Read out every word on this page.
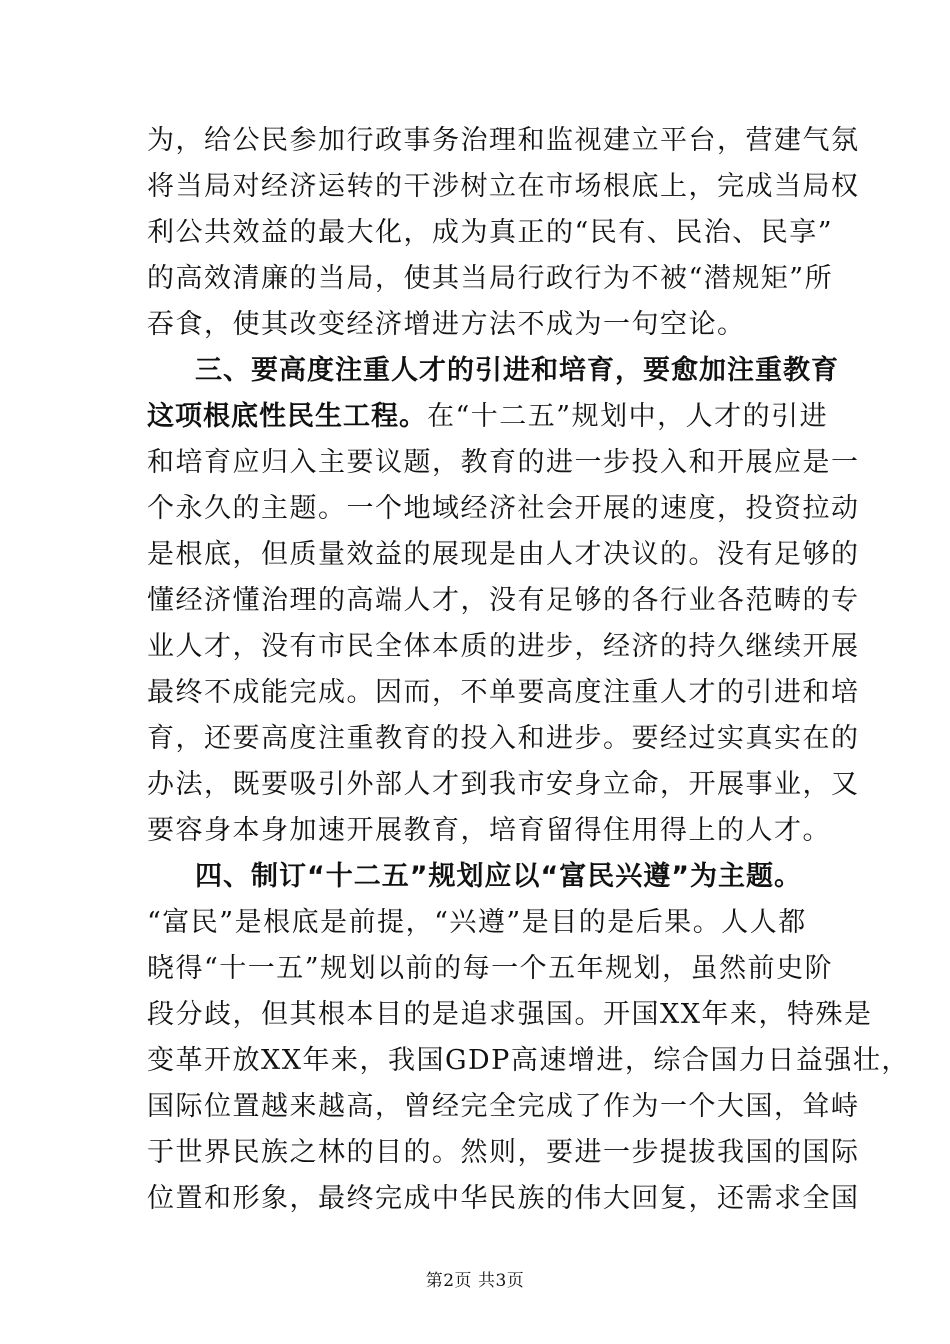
为，给公民参加行政事务治理和监视建立平台，营建气氛
将当局对经济运转的干涉树立在市场根底上，完成当局权
利公共效益的最大化，成为真正的“民有、民治、民享”
的高效清廉的当局，使其当局行政行为不被“潜规矩”所
吞食，使其改变经济增进方法不成为一句空论。
三、要高度注重人才的引进和培育，要愈加注重教育
这项根底性民生工程。在“十二五”规划中，人才的引进
和培育应归入主要议题，教育的进一步投入和开展应是一
个永久的主题。一个地域经济社会开展的速度，投资拉动
是根底，但质量效益的展现是由人才决议的。没有足够的
懂经济懂治理的高端人才，没有足够的各行业各范畴的专
业人才，没有市民全体本质的进步，经济的持久继续开展
最终不成能完成。因而，不单要高度注重人才的引进和培
育，还要高度注重教育的投入和进步。要经过实真实在的
办法，既要吸引外部人才到我市安身立命，开展事业，又
要容身本身加速开展教育，培育留得住用得上的人才。
四、制订“十二五”规划应以“富民兴遵”为主题。
“富民”是根底是前提，“兴遵”是目的是后果。人人都
晓得“十一五”规划以前的每一个五年规划，虽然前史阶
段分歧，但其根本目的是追求强国。开国XX年来，特殊是
变革开放XX年来，我国GDP高速增进，综合国力日益强壮，
国际位置越来越高，曾经完全完成了作为一个大国，耸峙
于世界民族之林的目的。然则，要进一步提拔我国的国际
位置和形象，最终完成中华民族的伟大回复，还需求全国
第2页 共3页
